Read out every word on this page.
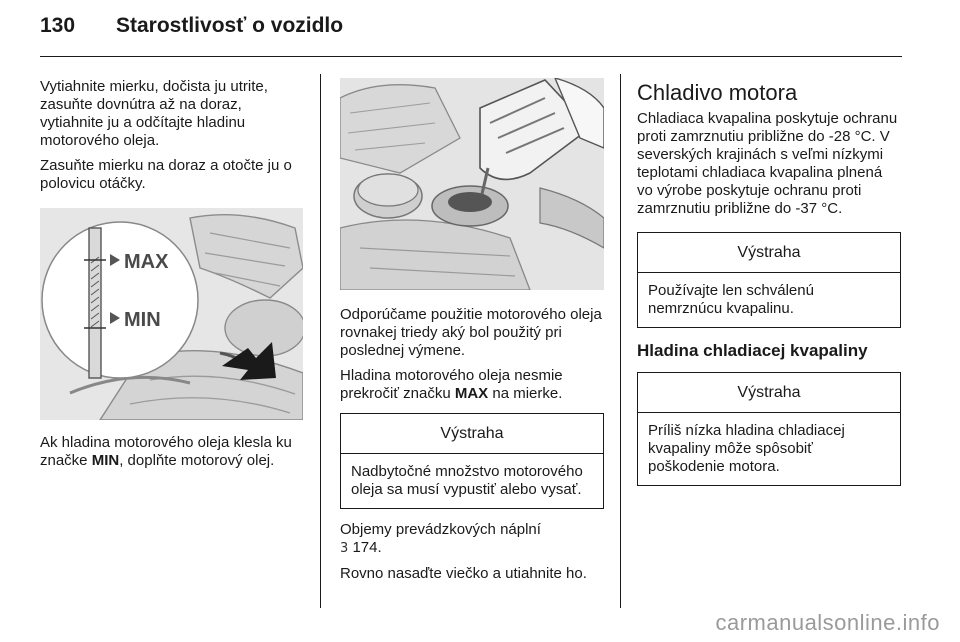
130 Starostlivosť o vozidlo

Vytiahnite mierku, dočista ju utrite, zasuňte dovnútra až na doraz, vytiahnite ju a odčítajte hladinu motorového oleja.

Zasuňte mierku na doraz a otočte ju o polovicu otáčky.

MAX
MIN

Ak hladina motorového oleja klesla ku značke MIN, doplňte motorový olej.

Odporúčame použitie motorového oleja rovnakej triedy aký bol použitý pri poslednej výmene.

Hladina motorového oleja nesmie prekročiť značku MAX na mierke.

Výstraha
Nadbytočné množstvo motorového oleja sa musí vypustiť alebo vysať.

Objemy prevádzkových náplní
3 174.

Rovno nasaďte viečko a utiahnite ho.

Chladivo motora

Chladiaca kvapalina poskytuje ochranu proti zamrznutiu približne do -28 °C. V severských krajinách s veľmi nízkymi teplotami chladiaca kvapalina plnená vo výrobe poskytuje ochranu proti zamrznutiu približne do -37 °C.

Výstraha
Používajte len schválenú nemrznúcu kvapalinu.
Hladina chladiacej kvapaliny
Výstraha
Príliš nízka hladina chladiacej kvapaliny môže spôsobiť poškodenie motora.
carmanualsonline.info
